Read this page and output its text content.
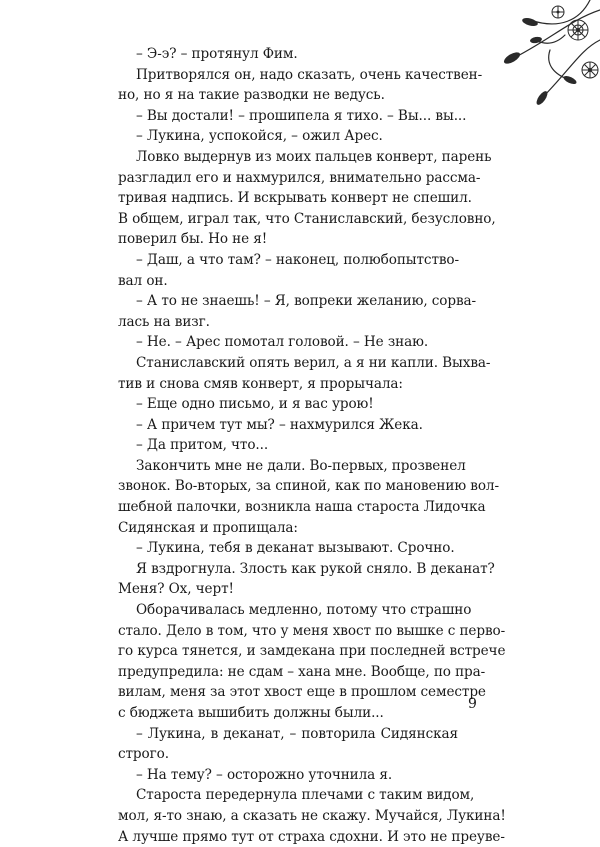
– Э-э? – протянул Фим.
Притворялся он, надо сказать, очень качествен-
но, но я на такие разводки не ведусь.
– Вы достали! – прошипела я тихо. – Вы... вы...
– Лукина, успокойся, – ожил Арес.
Ловко выдернув из моих пальцев конверт, парень
разгладил его и нахмурился, внимательно рассма-
тривая надпись. И вскрывать конверт не спешил.
В общем, играл так, что Станиславский, безусловно,
поверил бы. Но не я!
– Даш, а что там? – наконец, полюбопытство-
вал он.
– А то не знаешь! – Я, вопреки желанию, сорва-
лась на визг.
– Не. – Арес помотал головой. – Не знаю.
Станиславский опять верил, а я ни капли. Выхва-
тив и снова смяв конверт, я прорычала:
– Еще одно письмо, и я вас урою!
– А причем тут мы? – нахмурился Жека.
– Да притом, что...
Закончить мне не дали. Во-первых, прозвенел
звонок. Во-вторых, за спиной, как по мановению вол-
шебной палочки, возникла наша староста Лидочка
Сидянская и пропищала:
– Лукина, тебя в деканат вызывают. Срочно.
Я вздрогнула. Злость как рукой сняло. В деканат?
Меня? Ох, черт!
Оборачивалась медленно, потому что страшно
стало. Дело в том, что у меня хвост по вышке с перво-
го курса тянется, и замдекана при последней встрече
предупредила: не сдам – хана мне. Вообще, по пра-
вилам, меня за этот хвост еще в прошлом семестре
с бюджета вышибить должны были...
– Лукина, в деканат, – повторила Сидянская
строго.
– На тему? – осторожно уточнила я.
Староста передернула плечами с таким видом,
мол, я-то знаю, а сказать не скажу. Мучайся, Лукина!
А лучше прямо тут от страха сдохни. И это не преуве-
9
